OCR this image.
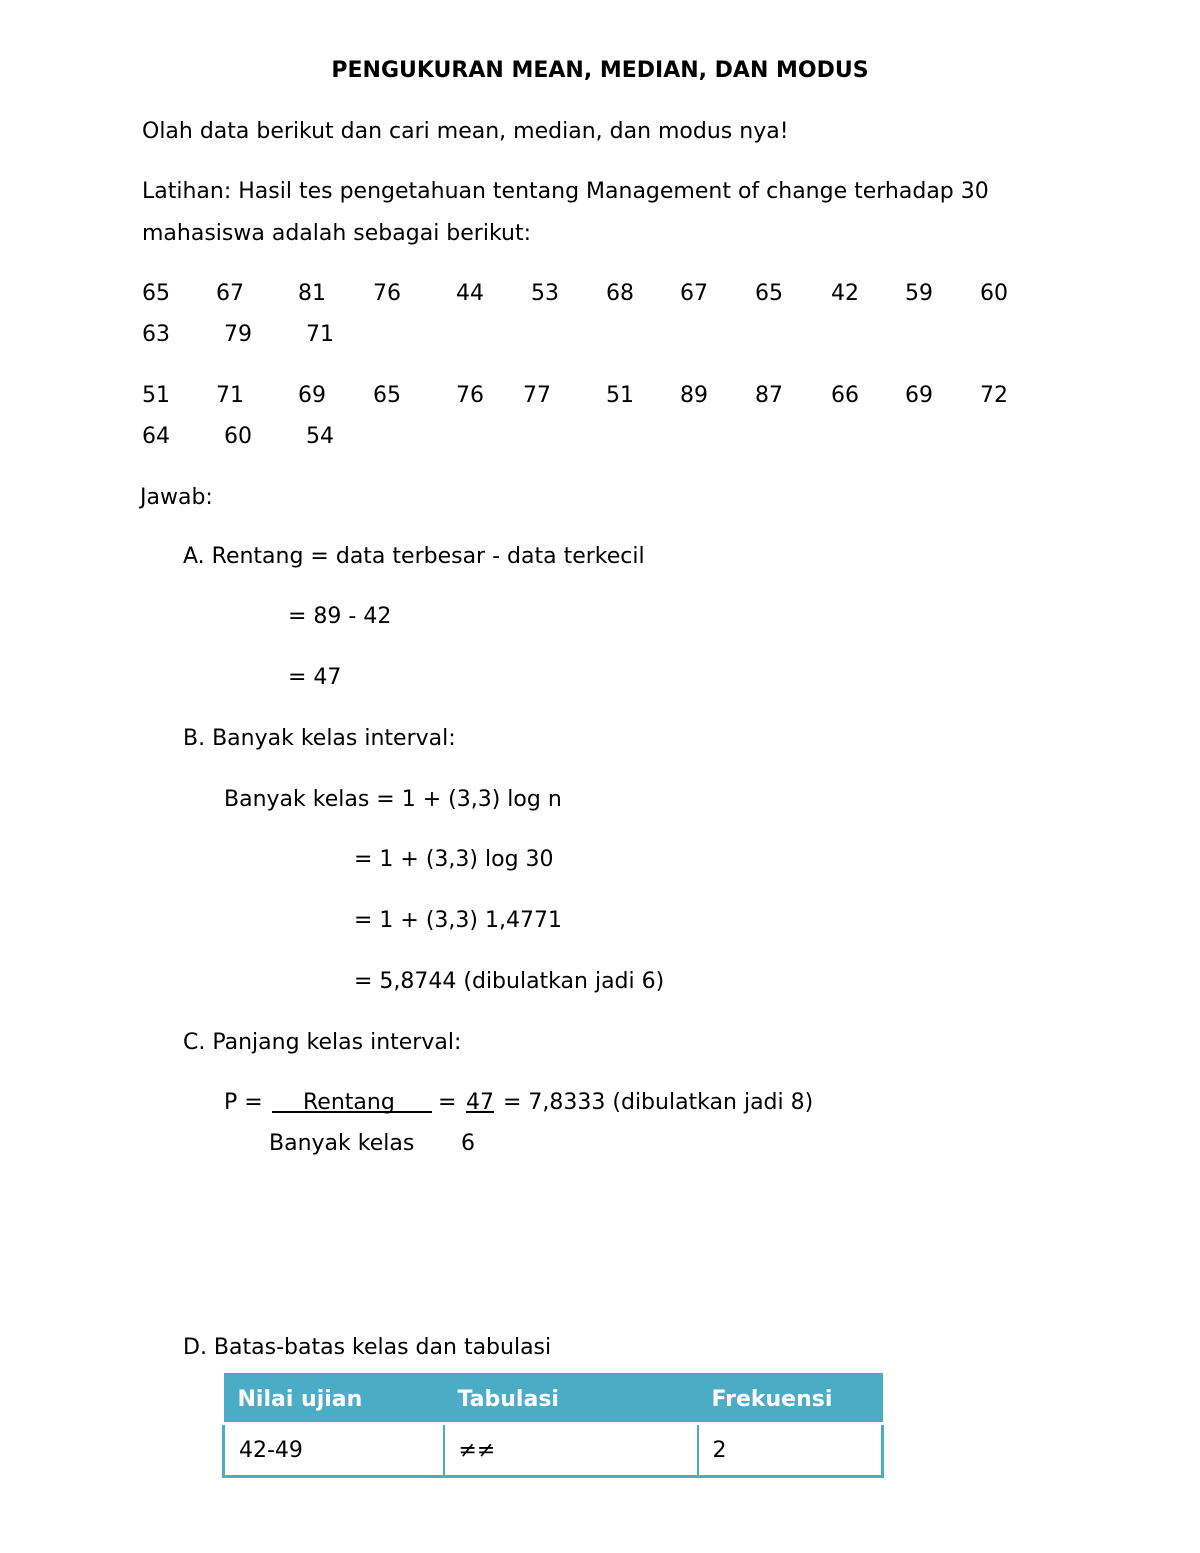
PENGUKURAN MEAN, MEDIAN, DAN MODUS
Olah data berikut dan cari mean, median, dan modus nya!
Latihan: Hasil tes pengetahuan tentang Management of change terhadap 30
mahasiswa adalah sebagai berikut:
65 67 81 76	44 53 68 67 65 42 59 60
63 79 71
51 71 69 65	76 77	51 89 87 66 69 72
64 60 54
Jawab:
A. Rentang = data terbesar - data terkecil
= 89 - 42
= 47
B. Banyak kelas interval:
Banyak kelas = 1 + (3,3) log n
= 1 + (3,3) log 30
= 1 + (3,3) 1,4771
= 5,8744 (dibulatkan jadi 6)
C. Panjang kelas interval:
P = Rentang = 47 = 7,8333 (dibulatkan jadi 8)
Banyak kelas 6
D. Batas-batas kelas dan tabulasi
Nilai ujian	Tabulasi	Frekuensi
42-49	≠≠	2
